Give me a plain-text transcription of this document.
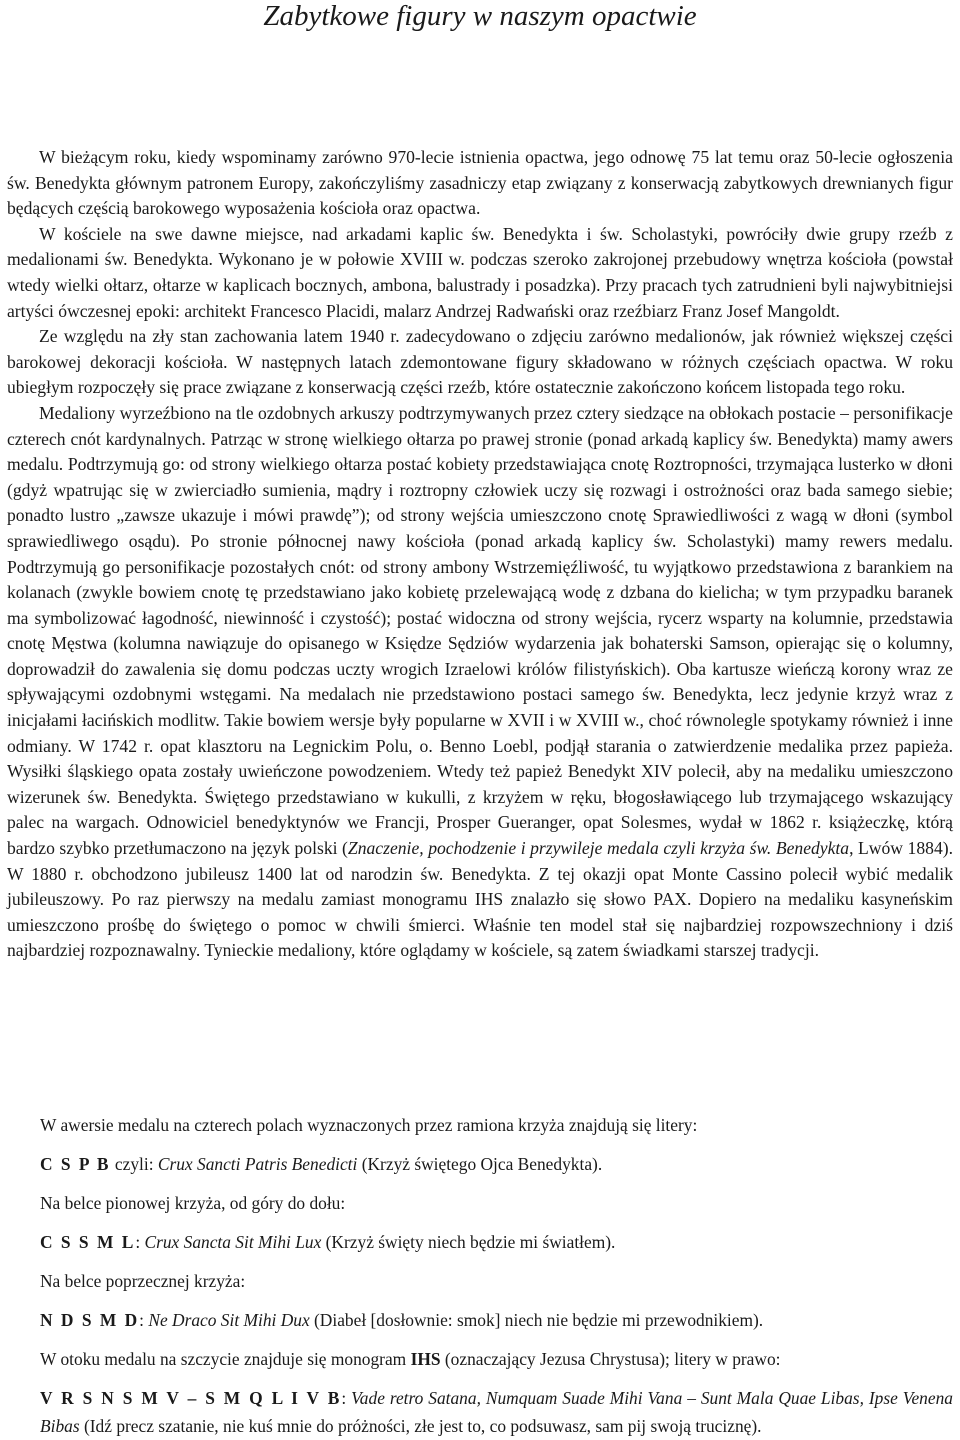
Zabytkowe figury w naszym opactwie

W bieżącym roku, kiedy wspominamy zarówno 970-lecie istnienia opactwa, jego odnowę 75 lat temu oraz 50-lecie ogłoszenia św. Benedykta głównym patronem Europy, zakończyliśmy zasadniczy etap związany z konserwacją zabytkowych drewnianych figur będących częścią barokowego wyposażenia kościoła oraz opactwa.

W kościele na swe dawne miejsce, nad arkadami kaplic św. Benedykta i św. Scholastyki, powróciły dwie grupy rzeźb z medalionami św. Benedykta. Wykonano je w połowie XVIII w. podczas szeroko zakrojonej przebudowy wnętrza kościoła (powstał wtedy wielki ołtarz, ołtarze w kaplicach bocznych, ambona, balustrady i posadzka). Przy pracach tych zatrudnieni byli najwybitniejsi artyści ówczesnej epoki: architekt Francesco Placidi, malarz Andrzej Radwański oraz rzeźbiarz Franz Josef Mangoldt.

Ze względu na zły stan zachowania latem 1940 r. zadecydowano o zdjęciu zarówno medalionów, jak również większej części barokowej dekoracji kościoła. W następnych latach zdemontowane figury składowano w różnych częściach opactwa. W roku ubiegłym rozpoczęły się prace związane z konserwacją części rzeźb, które ostatecznie zakończono końcem listopada tego roku.

Medaliony wyrzeźbiono na tle ozdobnych arkuszy podtrzymywanych przez cztery siedzące na obłokach postacie – personifikacje czterech cnót kardynalnych. Patrząc w stronę wielkiego ołtarza po prawej stronie (ponad arkadą kaplicy św. Benedykta) mamy awers medalu. Podtrzymują go: od strony wielkiego ołtarza postać kobiety przedstawiająca cnotę Roztropności, trzymająca lusterko w dłoni (gdyż wpatrując się w zwierciadło sumienia, mądry i roztropny człowiek uczy się rozwagi i ostrożności oraz bada samego siebie; ponadto lustro „zawsze ukazuje i mówi prawdę”); od strony wejścia umieszczono cnotę Sprawiedliwości z wagą w dłoni (symbol sprawiedliwego osądu). Po stronie północnej nawy kościoła (ponad arkadą kaplicy św. Scholastyki) mamy rewers medalu. Podtrzymują go personifikacje pozostałych cnót: od strony ambony Wstrzemięźliwość, tu wyjątkowo przedstawiona z barankiem na kolanach (zwykle bowiem cnotę tę przedstawiano jako kobietę przelewającą wodę z dzbana do kielicha; w tym przypadku baranek ma symbolizować łagodność, niewinność i czystość); postać widoczna od strony wejścia, rycerz wsparty na kolumnie, przedstawia cnotę Męstwa (kolumna nawiązuje do opisanego w Księdze Sędziów wydarzenia jak bohaterski Samson, opierając się o kolumny, doprowadził do zawalenia się domu podczas uczty wrogich Izraelowi królów filistyńskich). Oba kartusze wieńczą korony wraz ze spływającymi ozdobnymi wstęgami. Na medalach nie przedstawiono postaci samego św. Benedykta, lecz jedynie krzyż wraz z inicjałami łacińskich modlitw. Takie bowiem wersje były popularne w XVII i w XVIII w., choć równolegle spotykamy również i inne odmiany. W 1742 r. opat klasztoru na Legnickim Polu, o. Benno Loebl, podjął starania o zatwierdzenie medalika przez papieża. Wysiłki śląskiego opata zostały uwieńczone powodzeniem. Wtedy też papież Benedykt XIV polecił, aby na medaliku umieszczono wizerunek św. Benedykta. Świętego przedstawiano w kukulli, z krzyżem w ręku, błogosławiącego lub trzymającego wskazujący palec na wargach. Odnowiciel benedyktynów we Francji, Prosper Gueranger, opat Solesmes, wydał w 1862 r. książeczkę, którą bardzo szybko przetłumaczono na język polski (Znaczenie, pochodzenie i przywileje medala czyli krzyża św. Benedykta, Lwów 1884). W 1880 r. obchodzono jubileusz 1400 lat od narodzin św. Benedykta. Z tej okazji opat Monte Cassino polecił wybić medalik jubileuszowy. Po raz pierwszy na medalu zamiast monogramu IHS znalazło się słowo PAX. Dopiero na medaliku kasyneńskim umieszczono prośbę do świętego o pomoc w chwili śmierci. Właśnie ten model stał się najbardziej rozpowszechniony i dziś najbardziej rozpoznawalny. Tynieckie medaliony, które oglądamy w kościele, są zatem świadkami starszej tradycji.

W awersie medalu na czterech polach wyznaczonych przez ramiona krzyża znajdują się litery:

C S P B czyli: Crux Sancti Patris Benedicti (Krzyż świętego Ojca Benedykta).

Na belce pionowej krzyża, od góry do dołu:

C S S M L: Crux Sancta Sit Mihi Lux (Krzyż święty niech będzie mi światłem).

Na belce poprzecznej krzyża:

N D S M D: Ne Draco Sit Mihi Dux (Diabeł [dosłownie: smok] niech nie będzie mi przewodnikiem).

W otoku medalu na szczycie znajduje się monogram IHS (oznaczający Jezusa Chrystusa); litery w prawo:

V R S N S M V – S M Q L I V B: Vade retro Satana, Numquam Suade Mihi Vana – Sunt Mala Quae Libas, Ipse Venena Bibas (Idź precz szatanie, nie kuś mnie do próżności, złe jest to, co podsuwasz, sam pij swoją truciznę).
